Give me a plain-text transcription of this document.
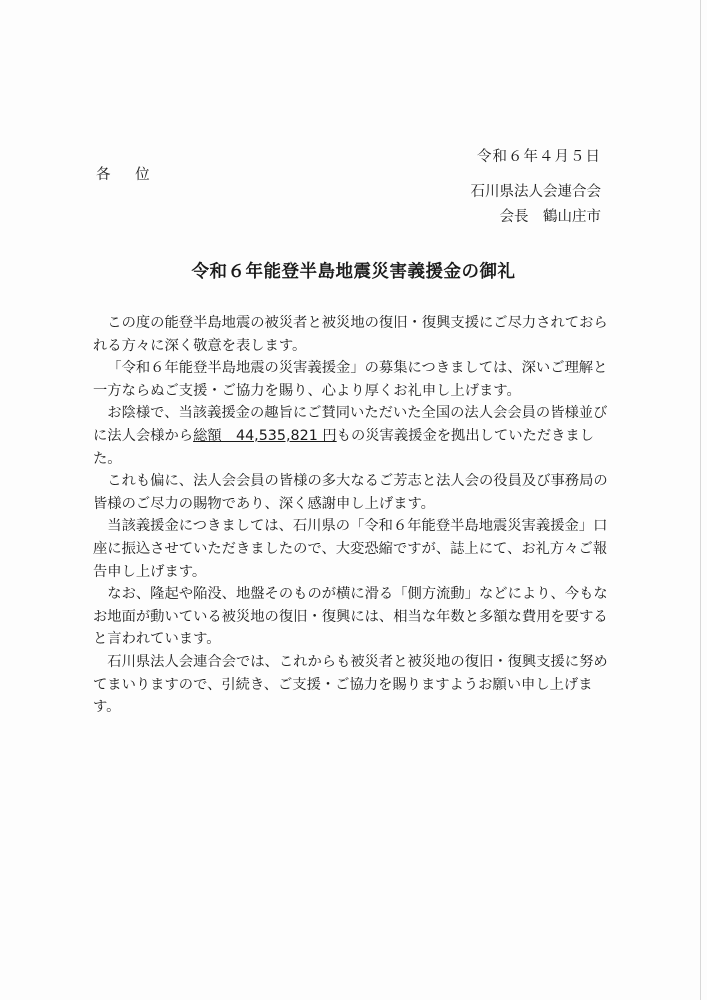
令和６年４月５日
各 位
石川県法人会連合会
会長　鶴山庄市
令和６年能登半島地震災害義援金の御礼

この度の能登半島地震の被災者と被災地の復旧・復興支援にご尽力されておられる方々に深く敬意を表します。

「令和６年能登半島地震の災害義援金」の募集につきましては、深いご理解と一方ならぬご支援・ご協力を賜り、心より厚くお礼申し上げます。

お陰様で、当該義援金の趣旨にご賛同いただいた全国の法人会会員の皆様並びに法人会様から総額　44,535,821 円もの災害義援金を拠出していただきました。

これも偏に、法人会会員の皆様の多大なるご芳志と法人会の役員及び事務局の皆様のご尽力の賜物であり、深く感謝申し上げます。

当該義援金につきましては、石川県の「令和６年能登半島地震災害義援金」口座に振込させていただきましたので、大変恐縮ですが、誌上にて、お礼方々ご報告申し上げます。

なお、隆起や陥没、地盤そのものが横に滑る「側方流動」などにより、今もなお地面が動いている被災地の復旧・復興には、相当な年数と多額な費用を要すると言われています。

石川県法人会連合会では、これからも被災者と被災地の復旧・復興支援に努めてまいりますので、引続き、ご支援・ご協力を賜りますようお願い申し上げます。
